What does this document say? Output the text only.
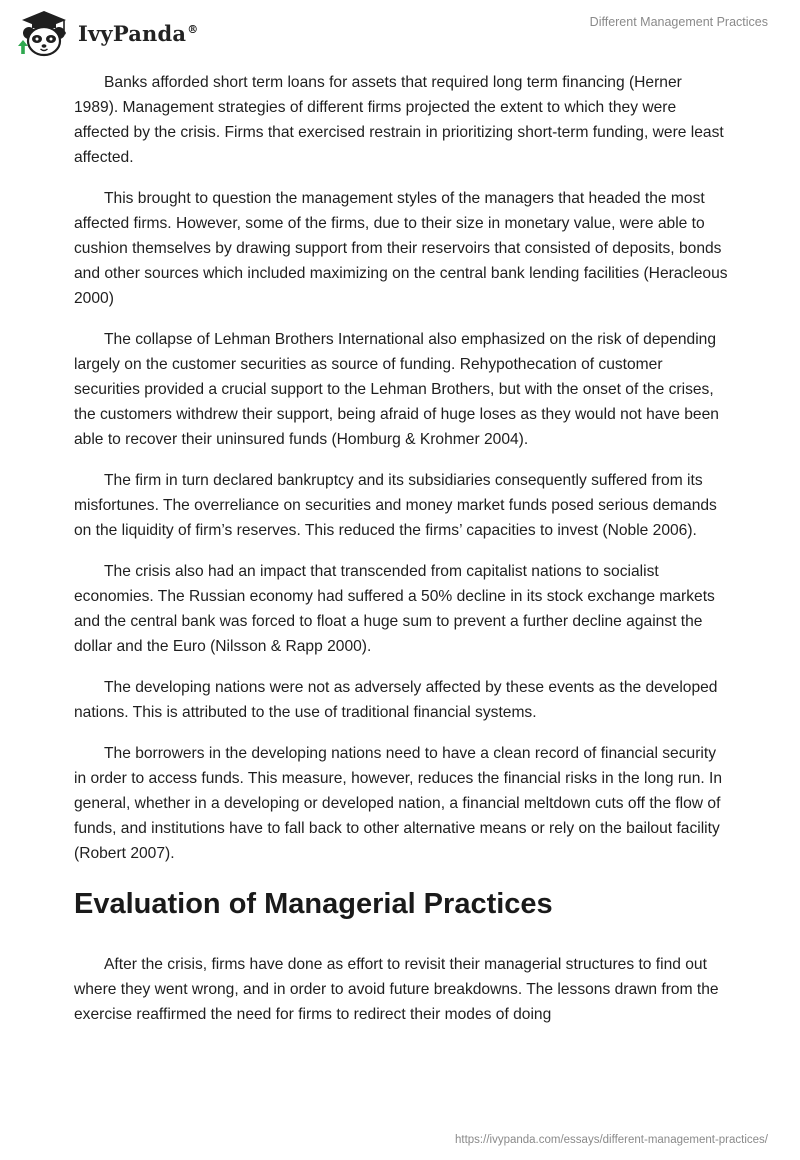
IvyPanda®	Different Management Practices

Banks afforded short term loans for assets that required long term financing (Herner 1989). Management strategies of different firms projected the extent to which they were affected by the crisis. Firms that exercised restrain in prioritizing short-term funding, were least affected.

This brought to question the management styles of the managers that headed the most affected firms. However, some of the firms, due to their size in monetary value, were able to cushion themselves by drawing support from their reservoirs that consisted of deposits, bonds and other sources which included maximizing on the central bank lending facilities (Heracleous 2000)

The collapse of Lehman Brothers International also emphasized on the risk of depending largely on the customer securities as source of funding. Rehypothecation of customer securities provided a crucial support to the Lehman Brothers, but with the onset of the crises, the customers withdrew their support, being afraid of huge loses as they would not have been able to recover their uninsured funds (Homburg & Krohmer 2004).

The firm in turn declared bankruptcy and its subsidiaries consequently suffered from its misfortunes. The overreliance on securities and money market funds posed serious demands on the liquidity of firm’s reserves. This reduced the firms’ capacities to invest (Noble 2006).

The crisis also had an impact that transcended from capitalist nations to socialist economies. The Russian economy had suffered a 50% decline in its stock exchange markets and the central bank was forced to float a huge sum to prevent a further decline against the dollar and the Euro (Nilsson & Rapp 2000).

The developing nations were not as adversely affected by these events as the developed nations. This is attributed to the use of traditional financial systems.

The borrowers in the developing nations need to have a clean record of financial security in order to access funds. This measure, however, reduces the financial risks in the long run. In general, whether in a developing or developed nation, a financial meltdown cuts off the flow of funds, and institutions have to fall back to other alternative means or rely on the bailout facility (Robert 2007).

Evaluation of Managerial Practices

After the crisis, firms have done as effort to revisit their managerial structures to find out where they went wrong, and in order to avoid future breakdowns. The lessons drawn from the exercise reaffirmed the need for firms to redirect their modes of doing

https://ivypanda.com/essays/different-management-practices/
